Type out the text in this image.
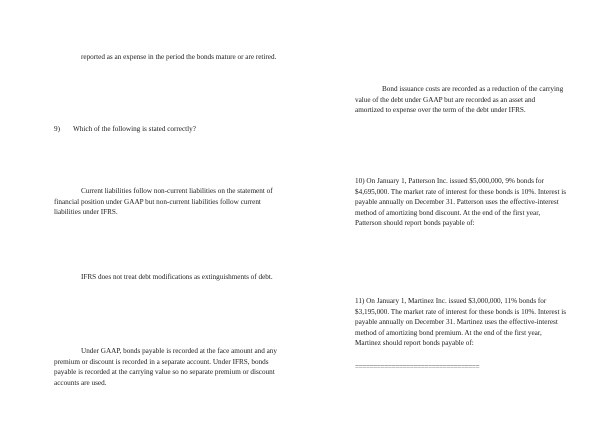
reported as an expense in the period the bonds mature or are retired.

9) Which of the following is stated correctly?

Current liabilities follow non-current liabilities on the statement of financial position under GAAP but non-current liabilities follow current liabilities under IFRS.

IFRS does not treat debt modifications as extinguishments of debt.

Under GAAP, bonds payable is recorded at the face amount and any premium or discount is recorded in a separate account. Under IFRS, bonds payable is recorded at the carrying value so no separate premium or discount accounts are used.

Bond issuance costs are recorded as a reduction of the carrying value of the debt under GAAP but are recorded as an asset and amortized to expense over the term of the debt under IFRS.

10) On January 1, Patterson Inc. issued $5,000,000, 9% bonds for $4,695,000. The market rate of interest for these bonds is 10%. Interest is payable annually on December 31. Patterson uses the effective-interest method of amortizing bond discount. At the end of the first year, Patterson should report bonds payable of:

11) On January 1, Martinez Inc. issued $3,000,000, 11% bonds for $3,195,000. The market rate of interest for these bonds is 10%. Interest is payable annually on December 31. Martinez uses the effective-interest method of amortizing bond premium. At the end of the first year, Martinez should report bonds payable of:

==================================
